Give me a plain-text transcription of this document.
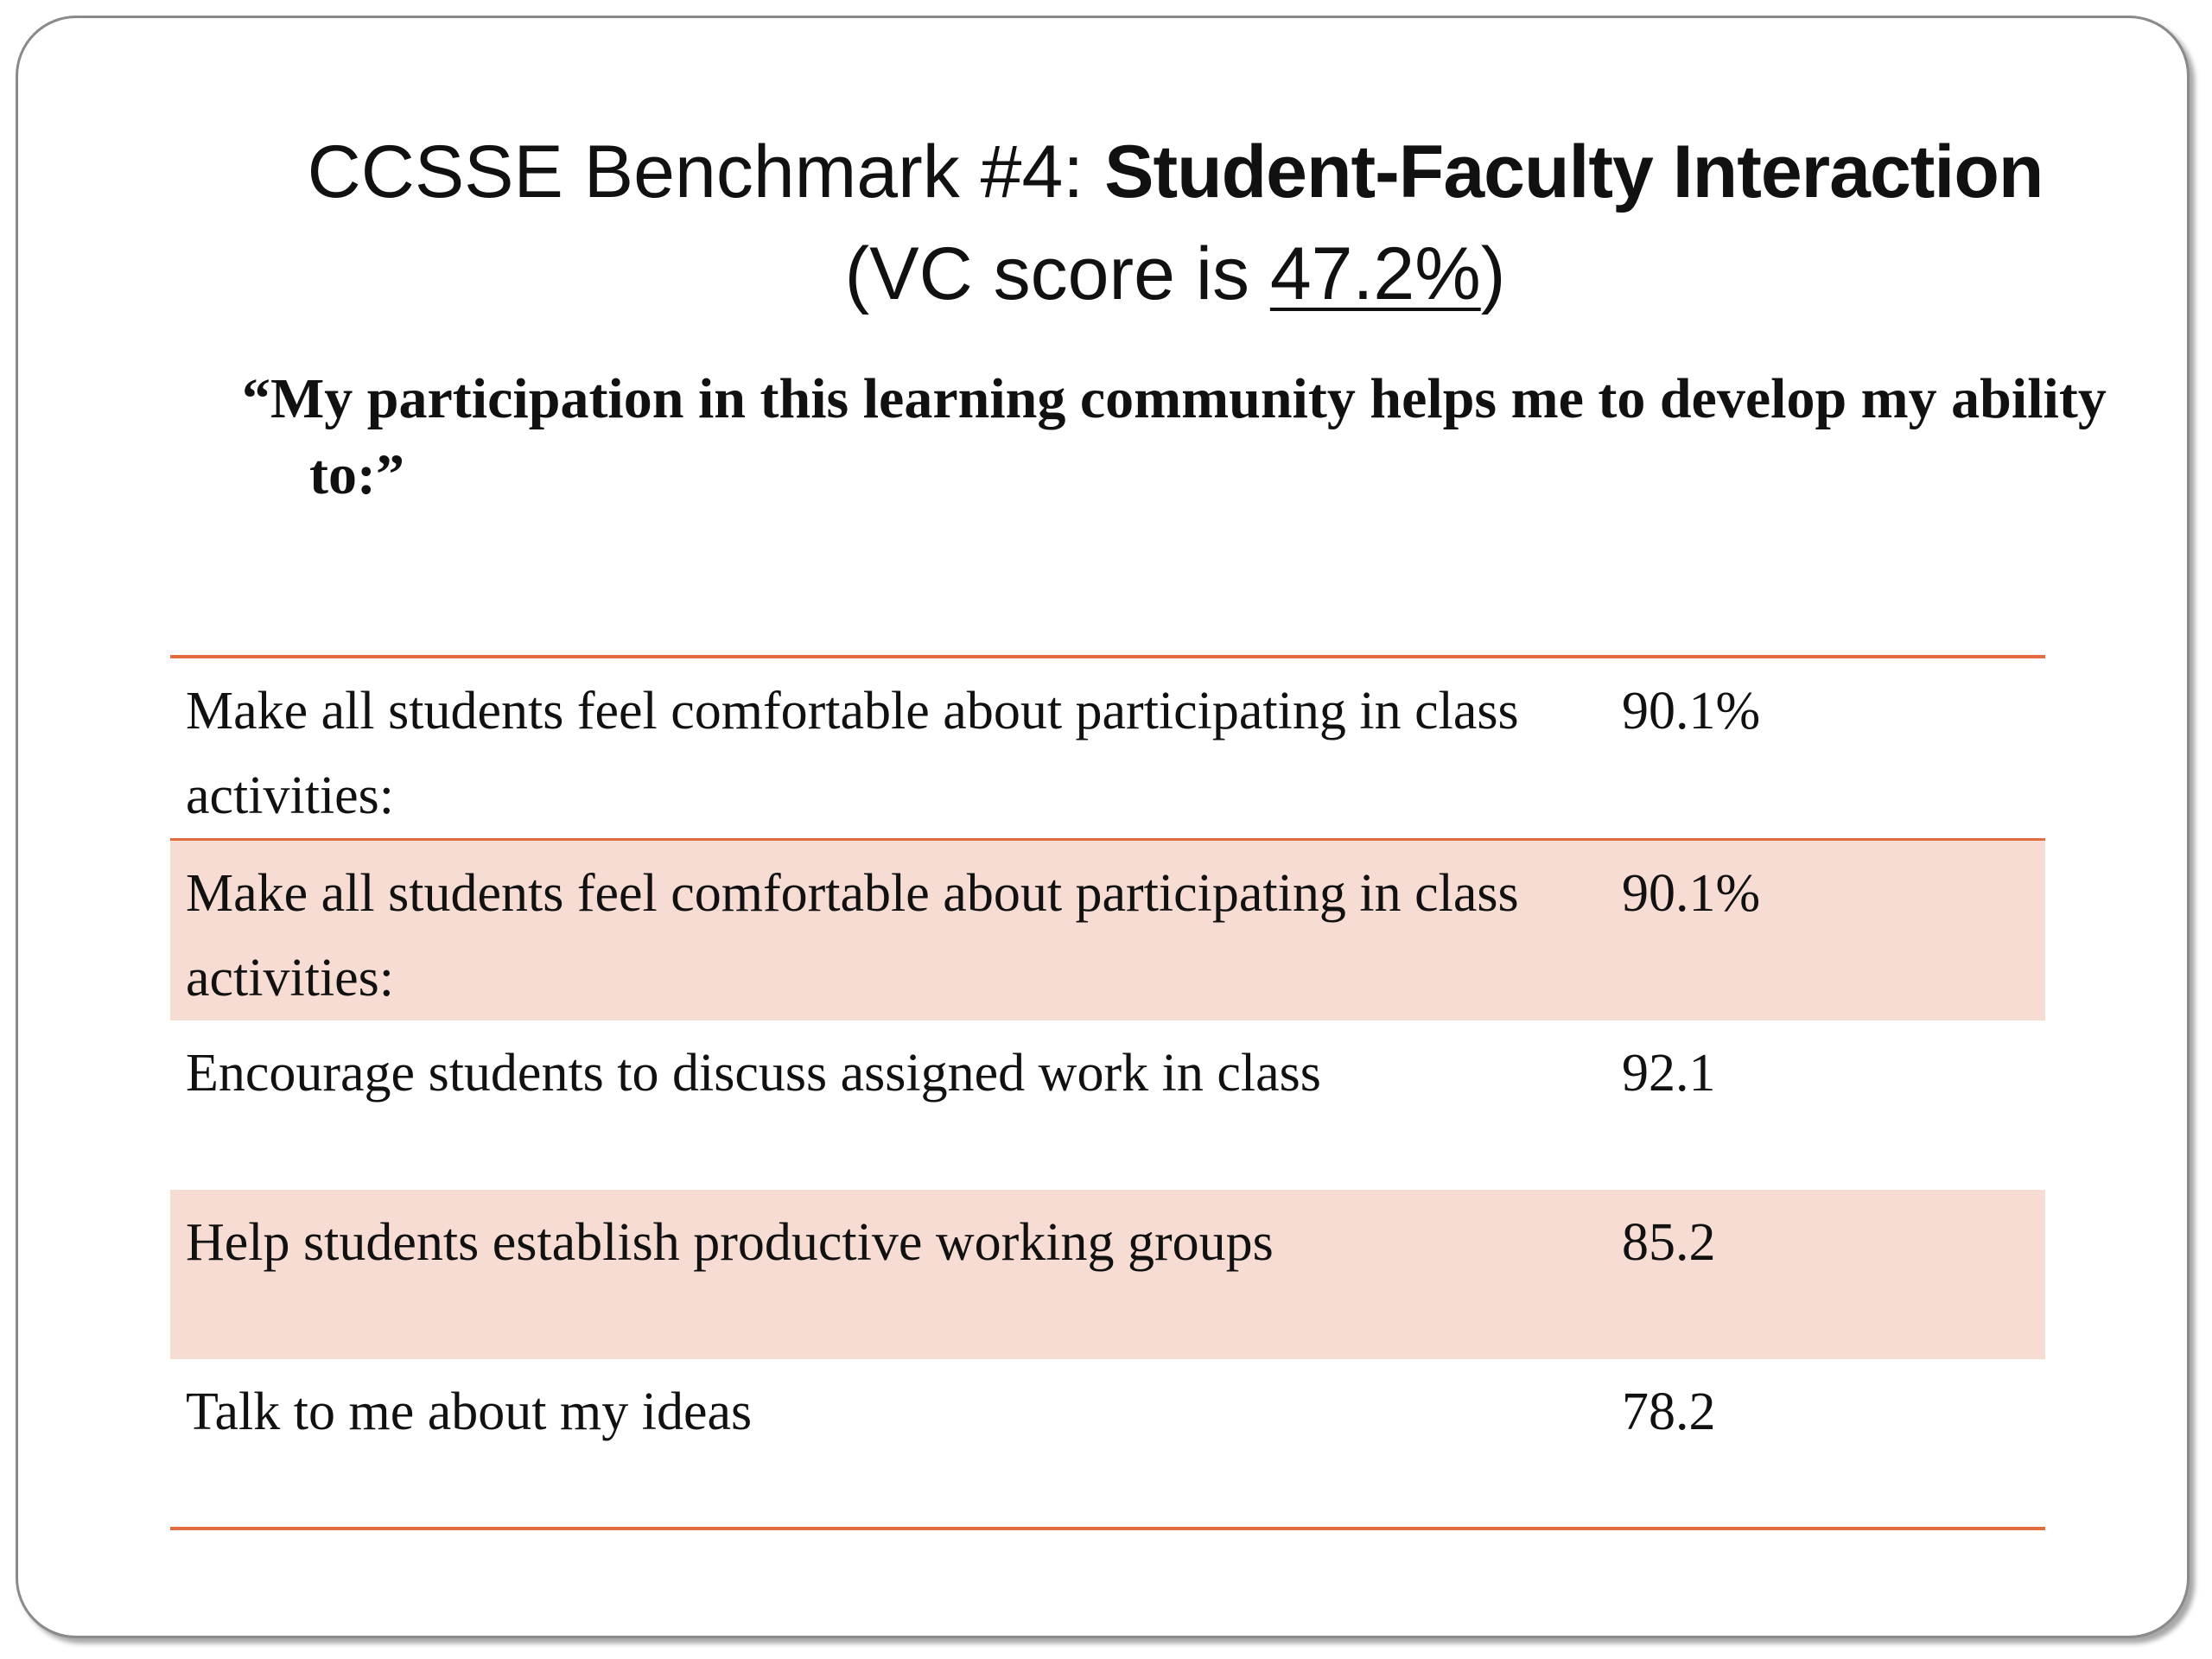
CCSSE Benchmark #4: Student-Faculty Interaction
(VC score is 47.2%)

“My participation in this learning community helps me to develop my ability to:”

Make all students feel comfortable about participating in class activities:	90.1%
Make all students feel comfortable about participating in class activities:	90.1%
Encourage students to discuss assigned work in class	92.1
Help students establish productive working groups	85.2
Talk to me about my ideas	78.2
